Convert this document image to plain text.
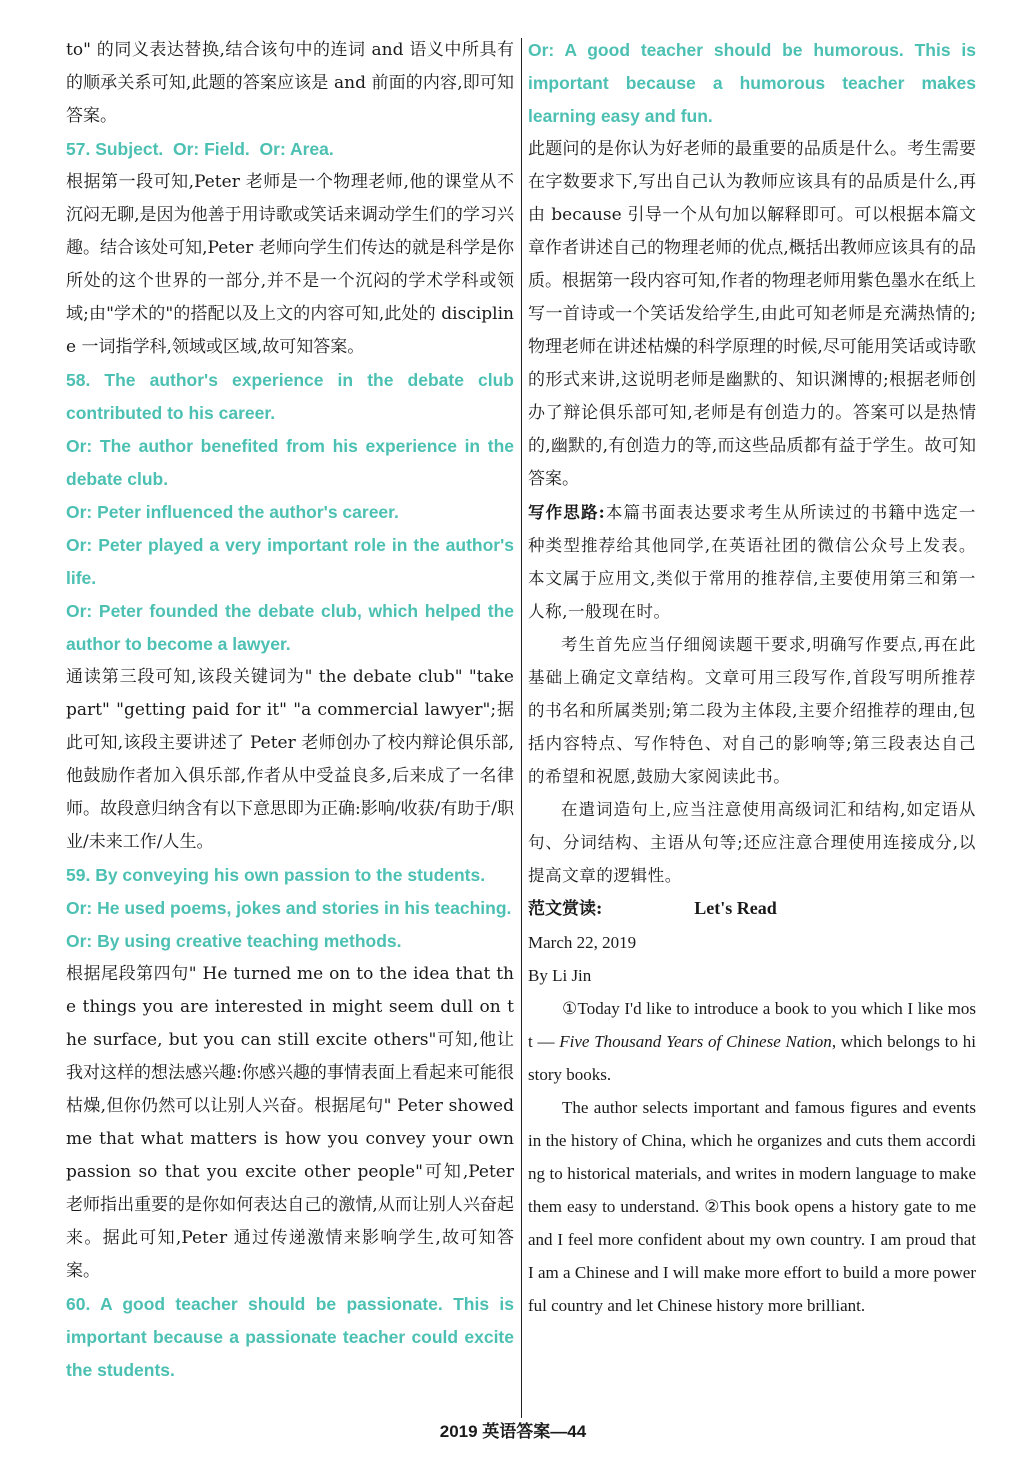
to" 的同义表达替换,结合该句中的连词 and 语义中所具有的顺承关系可知,此题的答案应该是 and 前面的内容,即可知答案。

57. Subject.  Or: Field.  Or: Area.

根据第一段可知,Peter 老师是一个物理老师,他的课堂从不沉闷无聊,是因为他善于用诗歌或笑话来调动学生们的学习兴趣。结合该处可知,Peter 老师向学生们传达的就是科学是你所处的这个世界的一部分,并不是一个沉闷的学术学科或领域;由"学术的"的搭配以及上文的内容可知,此处的 discipline 一词指学科,领域或区域,故可知答案。

58. The author's experience in the debate club contributed to his career.

Or: The author benefited from his experience in the debate club.

Or: Peter influenced the author's career.

Or: Peter played a very important role in the author's life.

Or: Peter founded the debate club, which helped the author to become a lawyer.

通读第三段可知,该段关键词为" the debate club" "take part" "getting paid for it" "a commercial lawyer";据此可知,该段主要讲述了 Peter 老师创办了校内辩论俱乐部,他鼓励作者加入俱乐部,作者从中受益良多,后来成了一名律师。故段意归纳含有以下意思即为正确:影响/收获/有助于/职业/未来工作/人生。

59. By conveying his own passion to the students.

Or: He used poems, jokes and stories in his teaching.

Or: By using creative teaching methods.

根据尾段第四句" He turned me on to the idea that the things you are interested in might seem dull on the surface, but you can still excite others"可知,他让我对这样的想法感兴趣:你感兴趣的事情表面上看起来可能很枯燥,但你仍然可以让别人兴奋。根据尾句" Peter showed me that what matters is how you convey your own passion so that you excite other people"可知,Peter 老师指出重要的是你如何表达自己的激情,从而让别人兴奋起来。据此可知,Peter 通过传递激情来影响学生,故可知答案。

60. A good teacher should be passionate. This is important because a passionate teacher could excite the students.

Or: A good teacher should be humorous. This is important because a humorous teacher makes learning easy and fun.

此题问的是你认为好老师的最重要的品质是什么。考生需要在字数要求下,写出自己认为教师应该具有的品质是什么,再由 because 引导一个从句加以解释即可。可以根据本篇文章作者讲述自己的物理老师的优点,概括出教师应该具有的品质。根据第一段内容可知,作者的物理老师用紫色墨水在纸上写一首诗或一个笑话发给学生,由此可知老师是充满热情的;物理老师在讲述枯燥的科学原理的时候,尽可能用笑话或诗歌的形式来讲,这说明老师是幽默的、知识渊博的;根据老师创办了辩论俱乐部可知,老师是有创造力的。答案可以是热情的,幽默的,有创造力的等,而这些品质都有益于学生。故可知答案。

写作思路:本篇书面表达要求考生从所读过的书籍中选定一种类型推荐给其他同学,在英语社团的微信公众号上发表。本文属于应用文,类似于常用的推荐信,主要使用第三和第一人称,一般现在时。

考生首先应当仔细阅读题干要求,明确写作要点,再在此基础上确定文章结构。文章可用三段写作,首段写明所推荐的书名和所属类别;第二段为主体段,主要介绍推荐的理由,包括内容特点、写作特色、对自己的影响等;第三段表达自己的希望和祝愿,鼓励大家阅读此书。

在遣词造句上,应当注意使用高级词汇和结构,如定语从句、分词结构、主语从句等;还应注意合理使用连接成分,以提高文章的逻辑性。

范文赏读:	Let's Read

March 22, 2019

By Li Jin

①Today I'd like to introduce a book to you which I like most — Five Thousand Years of Chinese Nation, which belongs to history books.

The author selects important and famous figures and events in the history of China, which he organizes and cuts them according to historical materials, and writes in modern language to make them easy to understand. ②This book opens a history gate to me and I feel more confident about my own country. I am proud that I am a Chinese and I will make more effort to build a more powerful country and let Chinese history more brilliant.

2019 英语答案—44
